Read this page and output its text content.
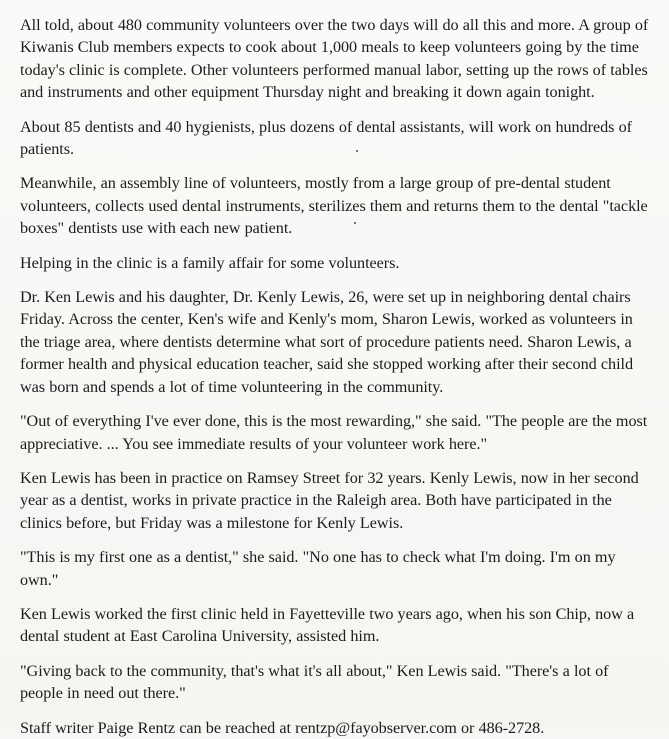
All told, about 480 community volunteers over the two days will do all this and more. A group of Kiwanis Club members expects to cook about 1,000 meals to keep volunteers going by the time today's clinic is complete. Other volunteers performed manual labor, setting up the rows of tables and instruments and other equipment Thursday night and breaking it down again tonight.

About 85 dentists and 40 hygienists, plus dozens of dental assistants, will work on hundreds of patients.

Meanwhile, an assembly line of volunteers, mostly from a large group of pre-dental student volunteers, collects used dental instruments, sterilizes them and returns them to the dental "tackle boxes" dentists use with each new patient.

Helping in the clinic is a family affair for some volunteers.

Dr. Ken Lewis and his daughter, Dr. Kenly Lewis, 26, were set up in neighboring dental chairs Friday. Across the center, Ken's wife and Kenly's mom, Sharon Lewis, worked as volunteers in the triage area, where dentists determine what sort of procedure patients need. Sharon Lewis, a former health and physical education teacher, said she stopped working after their second child was born and spends a lot of time volunteering in the community.

"Out of everything I've ever done, this is the most rewarding," she said. "The people are the most appreciative. ... You see immediate results of your volunteer work here."

Ken Lewis has been in practice on Ramsey Street for 32 years. Kenly Lewis, now in her second year as a dentist, works in private practice in the Raleigh area. Both have participated in the clinics before, but Friday was a milestone for Kenly Lewis.

"This is my first one as a dentist," she said. "No one has to check what I'm doing. I'm on my own."

Ken Lewis worked the first clinic held in Fayetteville two years ago, when his son Chip, now a dental student at East Carolina University, assisted him.

"Giving back to the community, that's what it's all about," Ken Lewis said. "There's a lot of people in need out there."

Staff writer Paige Rentz can be reached at rentzp@fayobserver.com or 486-2728.
